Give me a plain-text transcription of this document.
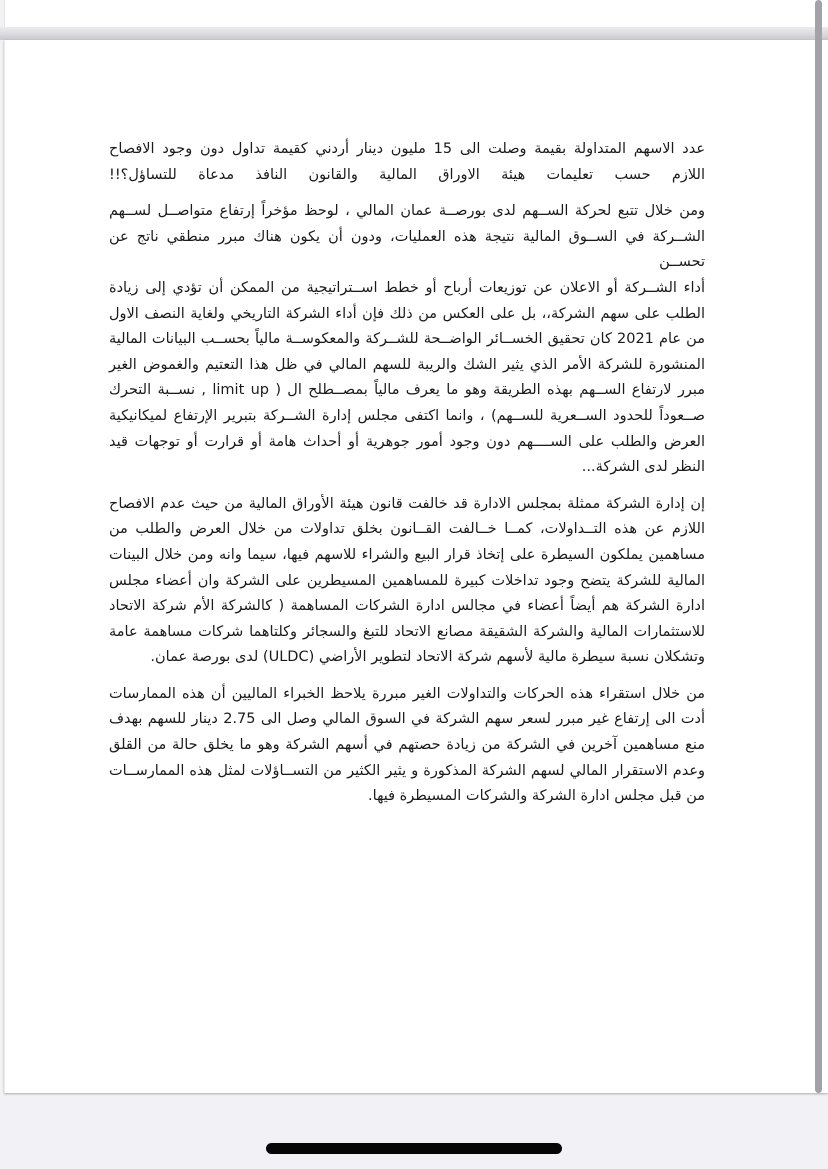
عدد الاسهم المتداولة بقيمة وصلت الى 15 مليون دينار أردني كقيمة تداول دون وجود الافصاح
اللازم حسب تعليمات هيئة الاوراق المالية والقانون النافذ مدعاة للتساؤل؟!!
ومن خلال تتبع لحركة الســهم لدى بورصــة عمان المالي ، لوحظ مؤخراً إرتفاع متواصــل لســهم
الشــركة في الســوق المالية نتيجة هذه العمليات، ودون أن يكون هناك مبرر منطقي ناتج عن تحســن
أداء الشــركة أو الاعلان عن توزيعات أرباح أو خطط اســتراتيجية من الممكن أن تؤدي إلى زيادة
الطلب على سهم الشركة،، بل على العكس من ذلك فإن أداء الشركة التاريخي ولغاية النصف الاول
من عام 2021 كان تحقيق الخســائر الواضــحة للشــركة والمعكوســة مالياً بحســب البيانات المالية
المنشورة للشركة الأمر الذي يثير الشك والريبة للسهم المالي في ظل هذا التعتيم والغموض الغير
مبرر لارتفاع الســهم بهذه الطريقة وهو ما يعرف مالياً بمصــطلح ال ( limit up , نســبة التحرك
صــعوداً للحدود الســعرية للســهم) ، وانما اكتفى مجلس إدارة الشــركة بتبرير الإرتفاع لميكانيكية
العرض والطلب على الســــهم دون وجود أمور جوهرية أو أحداث هامة أو قرارت أو توجهات قيد
النظر لدى الشركة...
إن إدارة الشركة ممثلة بمجلس الادارة قد خالفت قانون هيئة الأوراق المالية من حيث عدم الافصاح
اللازم عن هذه التــداولات، كمــا خــالفت القــانون بخلق تداولات من خلال العرض والطلب من
مساهمين يملكون السيطرة على إتخاذ قرار البيع والشراء للاسهم فيها، سيما وانه ومن خلال البينات
المالية للشركة يتضح وجود تداخلات كبيرة للمساهمين المسيطرين على الشركة وان أعضاء مجلس
ادارة الشركة هم أيضاً أعضاء في مجالس ادارة الشركات المساهمة ( كالشركة الأم شركة الاتحاد
للاستثمارات المالية والشركة الشقيقة مصانع الاتحاد للتبغ والسجائر وكلتاهما شركات مساهمة عامة
وتشكلان نسبة سيطرة مالية لأسهم شركة الاتحاد لتطوير الأراضي (ULDC) لدى بورصة عمان.
من خلال استقراء هذه الحركات والتداولات الغير مبررة يلاحظ الخبراء الماليين أن هذه الممارسات
أدت الى إرتفاع غير مبرر لسعر سهم الشركة في السوق المالي وصل الى 2.75 دينار للسهم بهدف
منع مساهمين آخرين في الشركة من زيادة حصتهم في أسهم الشركة وهو ما يخلق حالة من القلق
وعدم الاستقرار المالي لسهم الشركة المذكورة و يثير الكثير من التســاؤلات لمثل هذه الممارســات
من قبل مجلس ادارة الشركة والشركات المسيطرة فيها.
